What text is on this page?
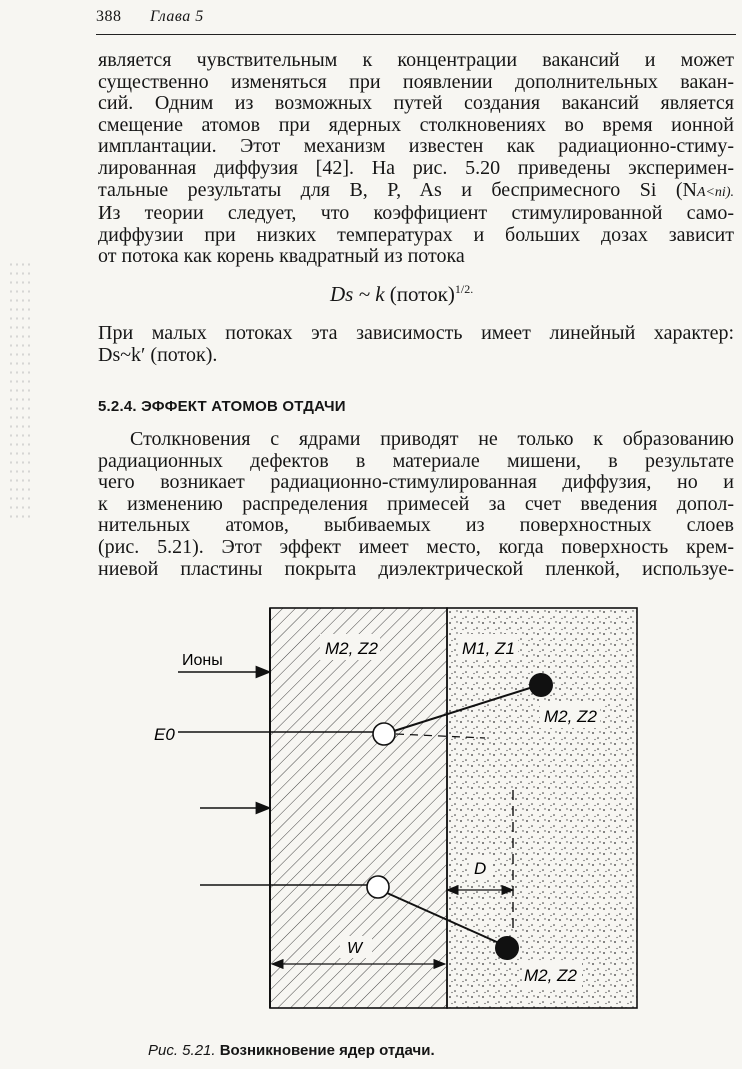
388 Глава 5
является чувствительным к концентрации вакансий и может
существенно изменяться при появлении дополнительных вакан-
сий. Одним из возможных путей создания вакансий является
смещение атомов при ядерных столкновениях во время ионной
имплантации. Этот механизм известен как радиационно-стиму-
лированная диффузия [42]. На рис. 5.20 приведены эксперимен-
тальные результаты для B, P, As и беспримесного Si (NA<ni).
Из теории следует, что коэффициент стимулированной само-
диффузии при низких температурах и больших дозах зависит
от потока как корень квадратный из потока
Ds ~ k (поток)$^{1/2.}$
При малых потоках эта зависимость имеет линейный характер:
Ds~k′ (поток).
5.2.4. ЭФФЕКТ АТОМОВ ОТДАЧИ
Столкновения с ядрами приводят не только к образованию
радиационных дефектов в материале мишени, в результате
чего возникает радиационно-стимулированная диффузия, но и
к изменению распределения примесей за счет введения допол-
нительных атомов, выбиваемых из поверхностных слоев
(рис. 5.21). Этот эффект имеет место, когда поверхность крем-
ниевой пластины покрыта диэлектрической пленкой, используе-
M2, Z2	M1, Z1
Ионы
E0
M2, Z2
M2, Z2
D
W
Рис. 5.21. Возникновение ядер отдачи.
